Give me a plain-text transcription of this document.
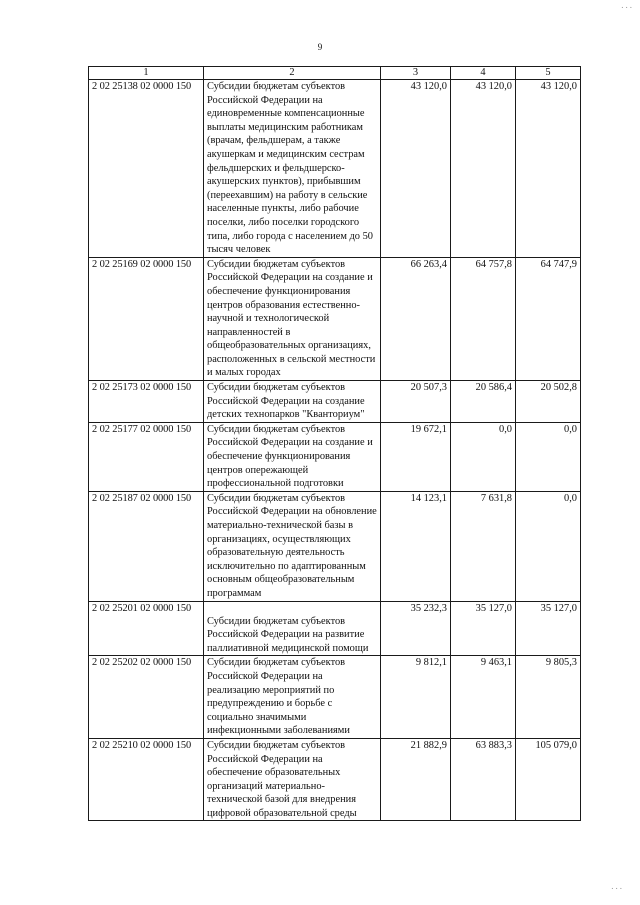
...
9
1	2	3	4	5
2 02 25138 02 0000 150	Субсидии бюджетам субъектов Российской Федерации на единовременные компенсационные выплаты медицинским работникам (врачам, фельдшерам, а также акушеркам и медицинским сестрам фельдшерских и фельдшерско-акушерских пунктов), прибывшим (переехавшим) на работу в сельские населенные пункты, либо рабочие поселки, либо поселки городского типа, либо города с населением до 50 тысяч человек	43 120,0	43 120,0	43 120,0
2 02 25169 02 0000 150	Субсидии бюджетам субъектов Российской Федерации на создание и обеспечение функционирования центров образования естественно-научной и технологической направленностей в общеобразовательных организациях, расположенных в сельской местности и малых городах	66 263,4	64 757,8	64 747,9
2 02 25173 02 0000 150	Субсидии бюджетам субъектов Российской Федерации на создание детских технопарков "Кванториум"	20 507,3	20 586,4	20 502,8
2 02 25177 02 0000 150	Субсидии бюджетам субъектов Российской Федерации на создание и обеспечение функционирования центров опережающей профессиональной подготовки	19 672,1	0,0	0,0
2 02 25187 02 0000 150	Субсидии бюджетам субъектов Российской Федерации на обновление материально-технической базы в организациях, осуществляющих образовательную деятельность исключительно по адаптированным основным общеобразовательным программам	14 123,1	7 631,8	0,0
2 02 25201 02 0000 150	Субсидии бюджетам субъектов Российской Федерации на развитие паллиативной медицинской помощи	35 232,3	35 127,0	35 127,0
2 02 25202 02 0000 150	Субсидии бюджетам субъектов Российской Федерации на реализацию мероприятий по предупреждению и борьбе с социально значимыми инфекционными заболеваниями	9 812,1	9 463,1	9 805,3
2 02 25210 02 0000 150	Субсидии бюджетам субъектов Российской Федерации на обеспечение образовательных организаций материально-технической базой для внедрения цифровой образовательной среды	21 882,9	63 883,3	105 079,0
...
